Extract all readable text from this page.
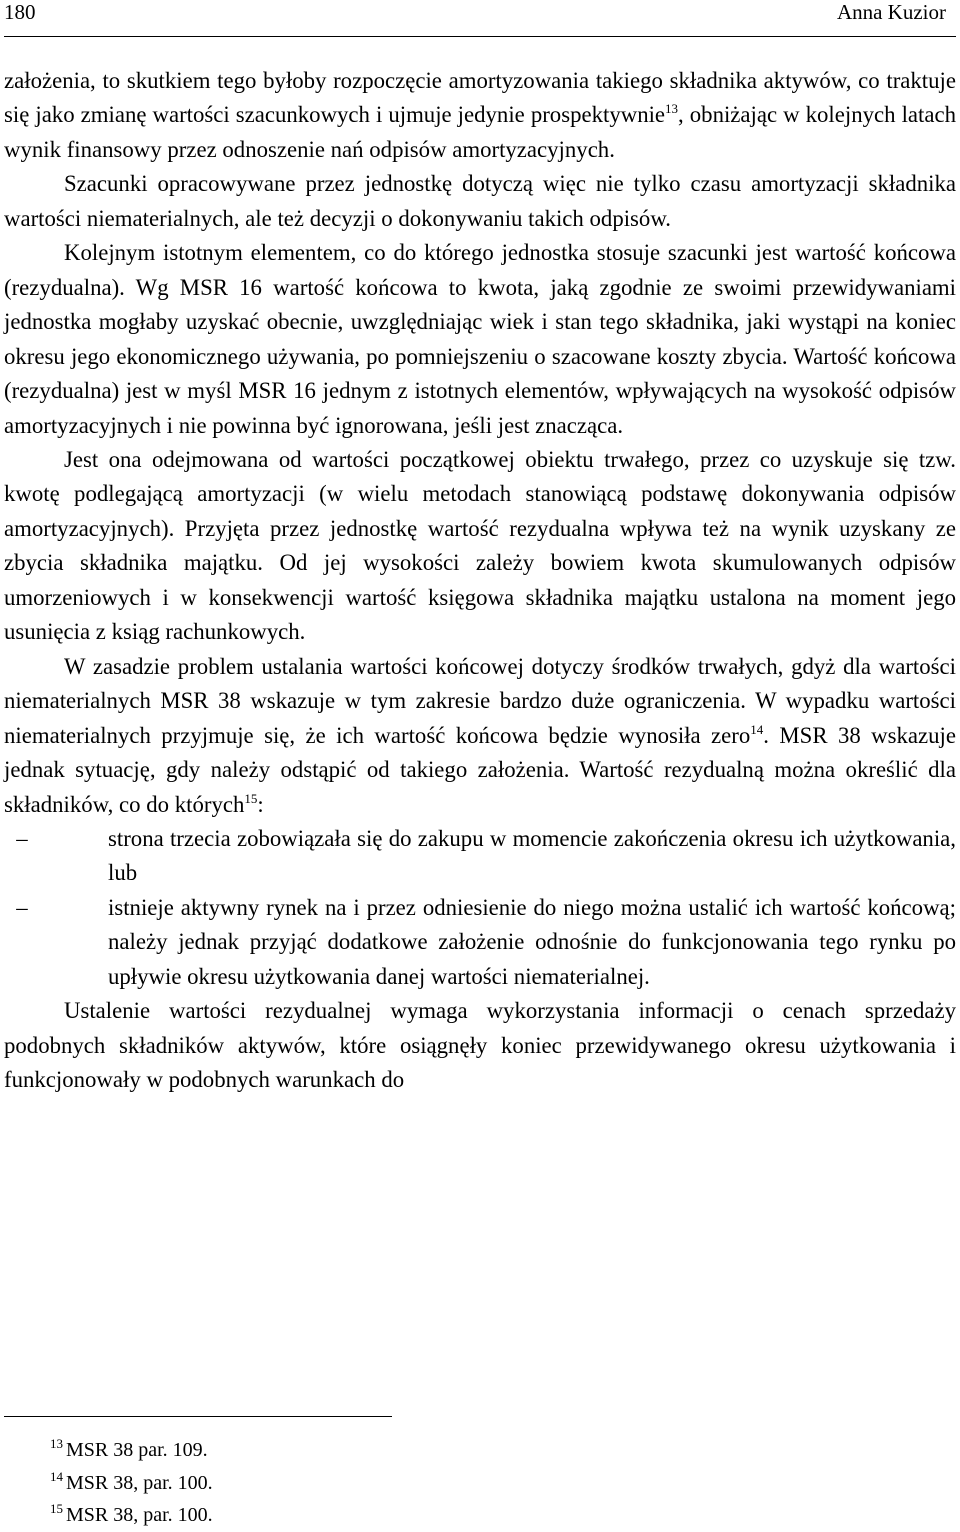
180	Anna Kuzior

założenia, to skutkiem tego byłoby rozpoczęcie amortyzowania takiego składnika aktywów, co traktuje się jako zmianę wartości szacunkowych i ujmuje jedynie prospektywnie$^{13}$, obniżając w kolejnych latach wynik finansowy przez odnoszenie nań odpisów amortyzacyjnych.

Szacunki opracowywane przez jednostkę dotyczą więc nie tylko czasu amortyzacji składnika wartości niematerialnych, ale też decyzji o dokonywaniu takich odpisów.

Kolejnym istotnym elementem, co do którego jednostka stosuje szacunki jest wartość końcowa (rezydualna). Wg MSR 16 wartość końcowa to kwota, jaką zgodnie ze swoimi przewidywaniami jednostka mogłaby uzyskać obecnie, uwzględniając wiek i stan tego składnika, jaki wystąpi na koniec okresu jego ekonomicznego używania, po pomniejszeniu o szacowane koszty zbycia. Wartość końcowa (rezydualna) jest w myśl MSR 16 jednym z istotnych elementów, wpływających na wysokość odpisów amortyzacyjnych i nie powinna być ignorowana, jeśli jest znacząca.

Jest ona odejmowana od wartości początkowej obiektu trwałego, przez co uzyskuje się tzw. kwotę podlegającą amortyzacji (w wielu metodach stanowiącą podstawę dokonywania odpisów amortyzacyjnych). Przyjęta przez jednostkę wartość rezydualna wpływa też na wynik uzyskany ze zbycia składnika majątku. Od jej wysokości zależy bowiem kwota skumulowanych odpisów umorzeniowych i w konsekwencji wartość księgowa składnika majątku ustalona na moment jego usunięcia z ksiąg rachunkowych.

W zasadzie problem ustalania wartości końcowej dotyczy środków trwałych, gdyż dla wartości niematerialnych MSR 38 wskazuje w tym zakresie bardzo duże ograniczenia. W wypadku wartości niematerialnych przyjmuje się, że ich wartość końcowa będzie wynosiła zero$^{14}$. MSR 38 wskazuje jednak sytuację, gdy należy odstąpić od takiego założenia. Wartość rezydualną można określić dla składników, co do których$^{15}$:

–	strona trzecia zobowiązała się do zakupu w momencie zakończenia okresu ich użytkowania, lub
–	istnieje aktywny rynek na i przez odniesienie do niego można ustalić ich wartość końcową; należy jednak przyjąć dodatkowe założenie odnośnie do funkcjonowania tego rynku po upływie okresu użytkowania danej wartości niematerialnej.

Ustalenie wartości rezydualnej wymaga wykorzystania informacji o cenach sprzedaży podobnych składników aktywów, które osiągnęły koniec przewidywanego okresu użytkowania i funkcjonowały w podobnych warunkach do

$^{13}$ MSR 38 par. 109.
$^{14}$ MSR 38, par. 100.
$^{15}$ MSR 38, par. 100.
